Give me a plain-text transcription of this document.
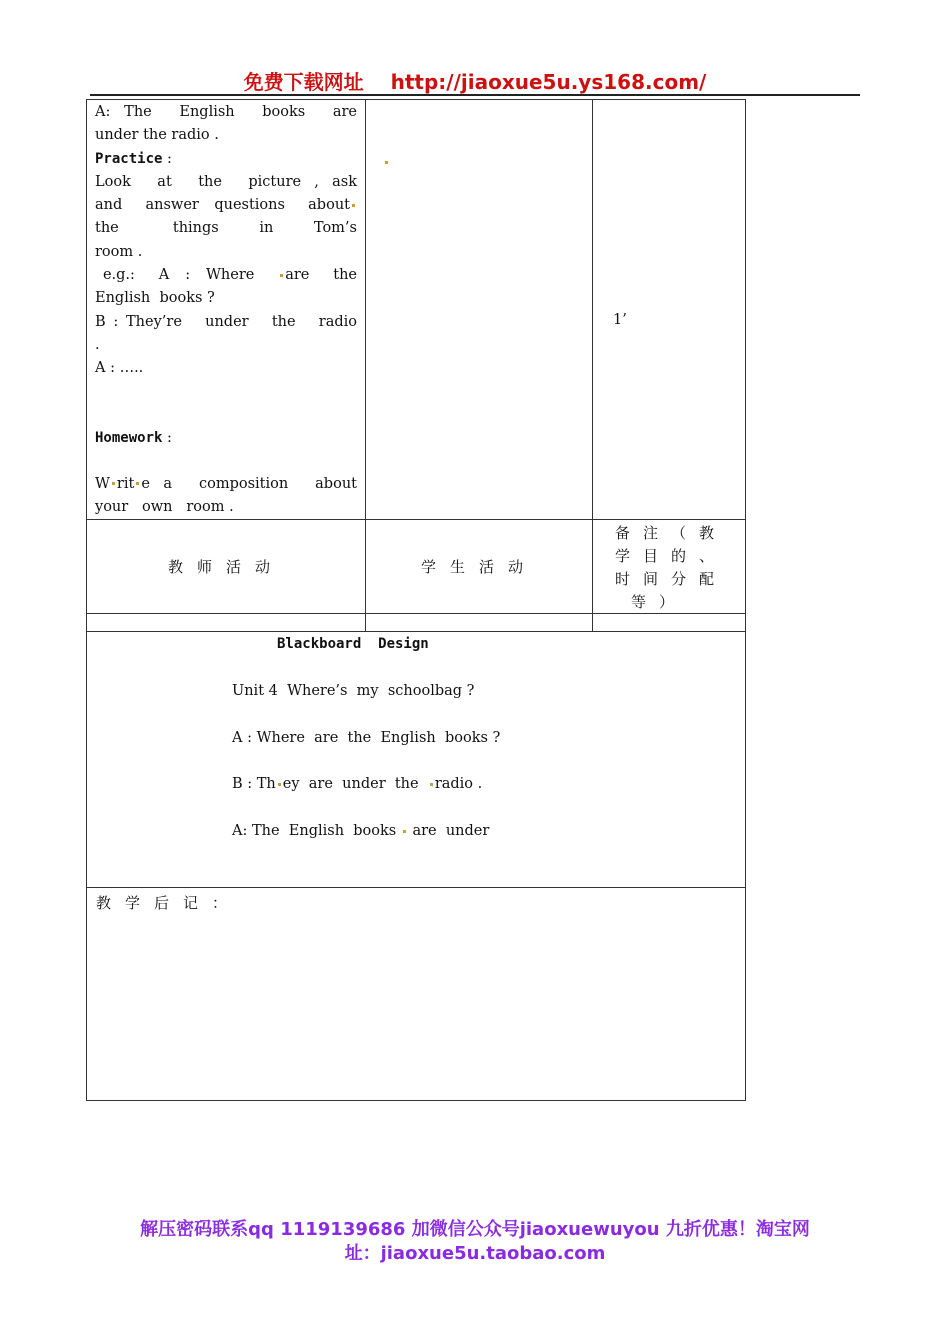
免费下载网址 http://jiaoxue5u.ys168.com/
A:  The    English    books    are
under the radio .
Practice :
Look    at    the    picture  ,  ask
and   answer  questions   about
the        things      in      Tom’s
room .
e.g.:   A  :  Where   are   the
English  books ?
B : They’re   under   the   radio
.
A : …..
Homework :
W rit e  a    composition    about
your   own   room .
1’
教师活动	学生活动
备注（教
学目的、
时间分配
等）
Blackboard  Design
Unit 4  Where’s  my  schoolbag ?
A : Where  are  the  English  books ?
B : Th ey  are  under  the  radio .
A: The  English  books  are  under
教学后记：
解压密码联系qq 1119139686 加微信公众号jiaoxuewuyou 九折优惠！淘宝网
址：jiaoxue5u.taobao.com
